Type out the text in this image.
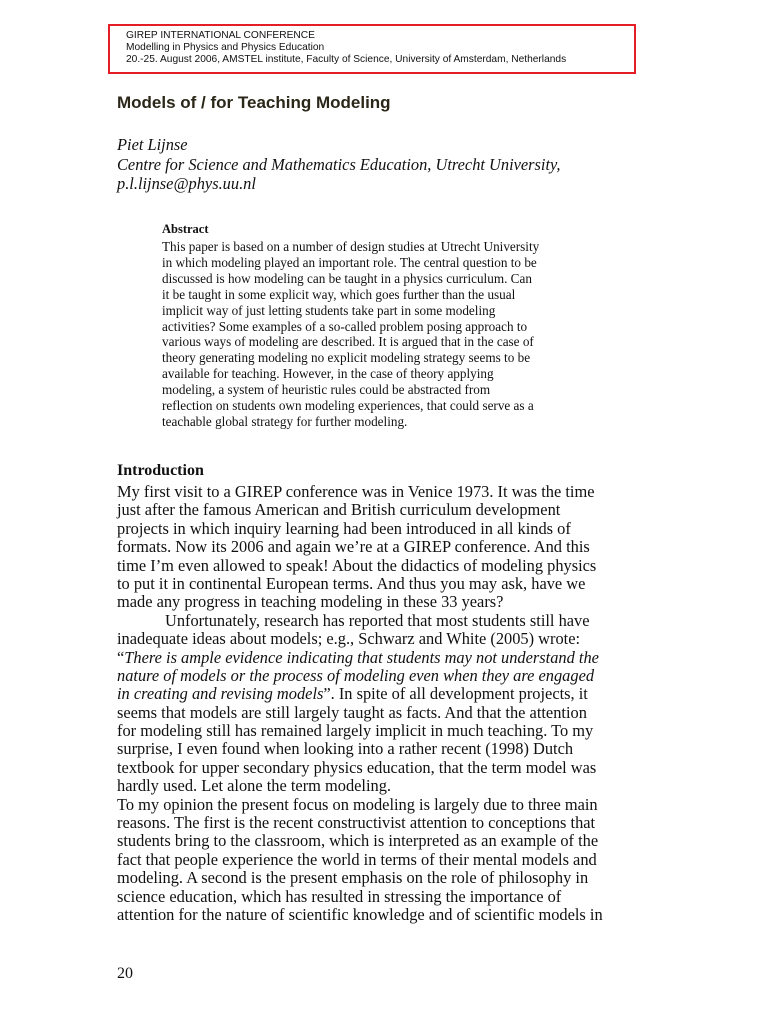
GIREP INTERNATIONAL CONFERENCE
Modelling in Physics and Physics Education
20.-25. August 2006, AMSTEL institute, Faculty of Science, University of Amsterdam, Netherlands
Models of / for Teaching Modeling
Piet Lijnse
Centre for Science and Mathematics Education, Utrecht University,
p.l.lijnse@phys.uu.nl
Abstract
This paper is based on a number of design studies at Utrecht University
in which modeling played an important role. The central question to be
discussed is how modeling can be taught in a physics curriculum. Can
it be taught in some explicit way, which goes further than the usual
implicit way of just letting students take part in some modeling
activities? Some examples of a so-called problem posing approach to
various ways of modeling are described. It is argued that in the case of
theory generating modeling no explicit modeling strategy seems to be
available for teaching. However, in the case of theory applying
modeling, a system of heuristic rules could be abstracted from
reflection on students own modeling experiences, that could serve as a
teachable global strategy for further modeling.
Introduction
My first visit to a GIREP conference was in Venice 1973. It was the time
just after the famous American and British curriculum development
projects in which inquiry learning had been introduced in all kinds of
formats. Now its 2006 and again we’re at a GIREP conference. And this
time I’m even allowed to speak! About the didactics of modeling physics
to put it in continental European terms. And thus you may ask, have we
made any progress in teaching modeling in these 33 years?
Unfortunately, research has reported that most students still have
inadequate ideas about models; e.g., Schwarz and White (2005) wrote:
“There is ample evidence indicating that students may not understand the
nature of models or the process of modeling even when they are engaged
in creating and revising models”. In spite of all development projects, it
seems that models are still largely taught as facts. And that the attention
for modeling still has remained largely implicit in much teaching. To my
surprise, I even found when looking into a rather recent (1998) Dutch
textbook for upper secondary physics education, that the term model was
hardly used. Let alone the term modeling.
To my opinion the present focus on modeling is largely due to three main
reasons. The first is the recent constructivist attention to conceptions that
students bring to the classroom, which is interpreted as an example of the
fact that people experience the world in terms of their mental models and
modeling. A second is the present emphasis on the role of philosophy in
science education, which has resulted in stressing the importance of
attention for the nature of scientific knowledge and of scientific models in
20
